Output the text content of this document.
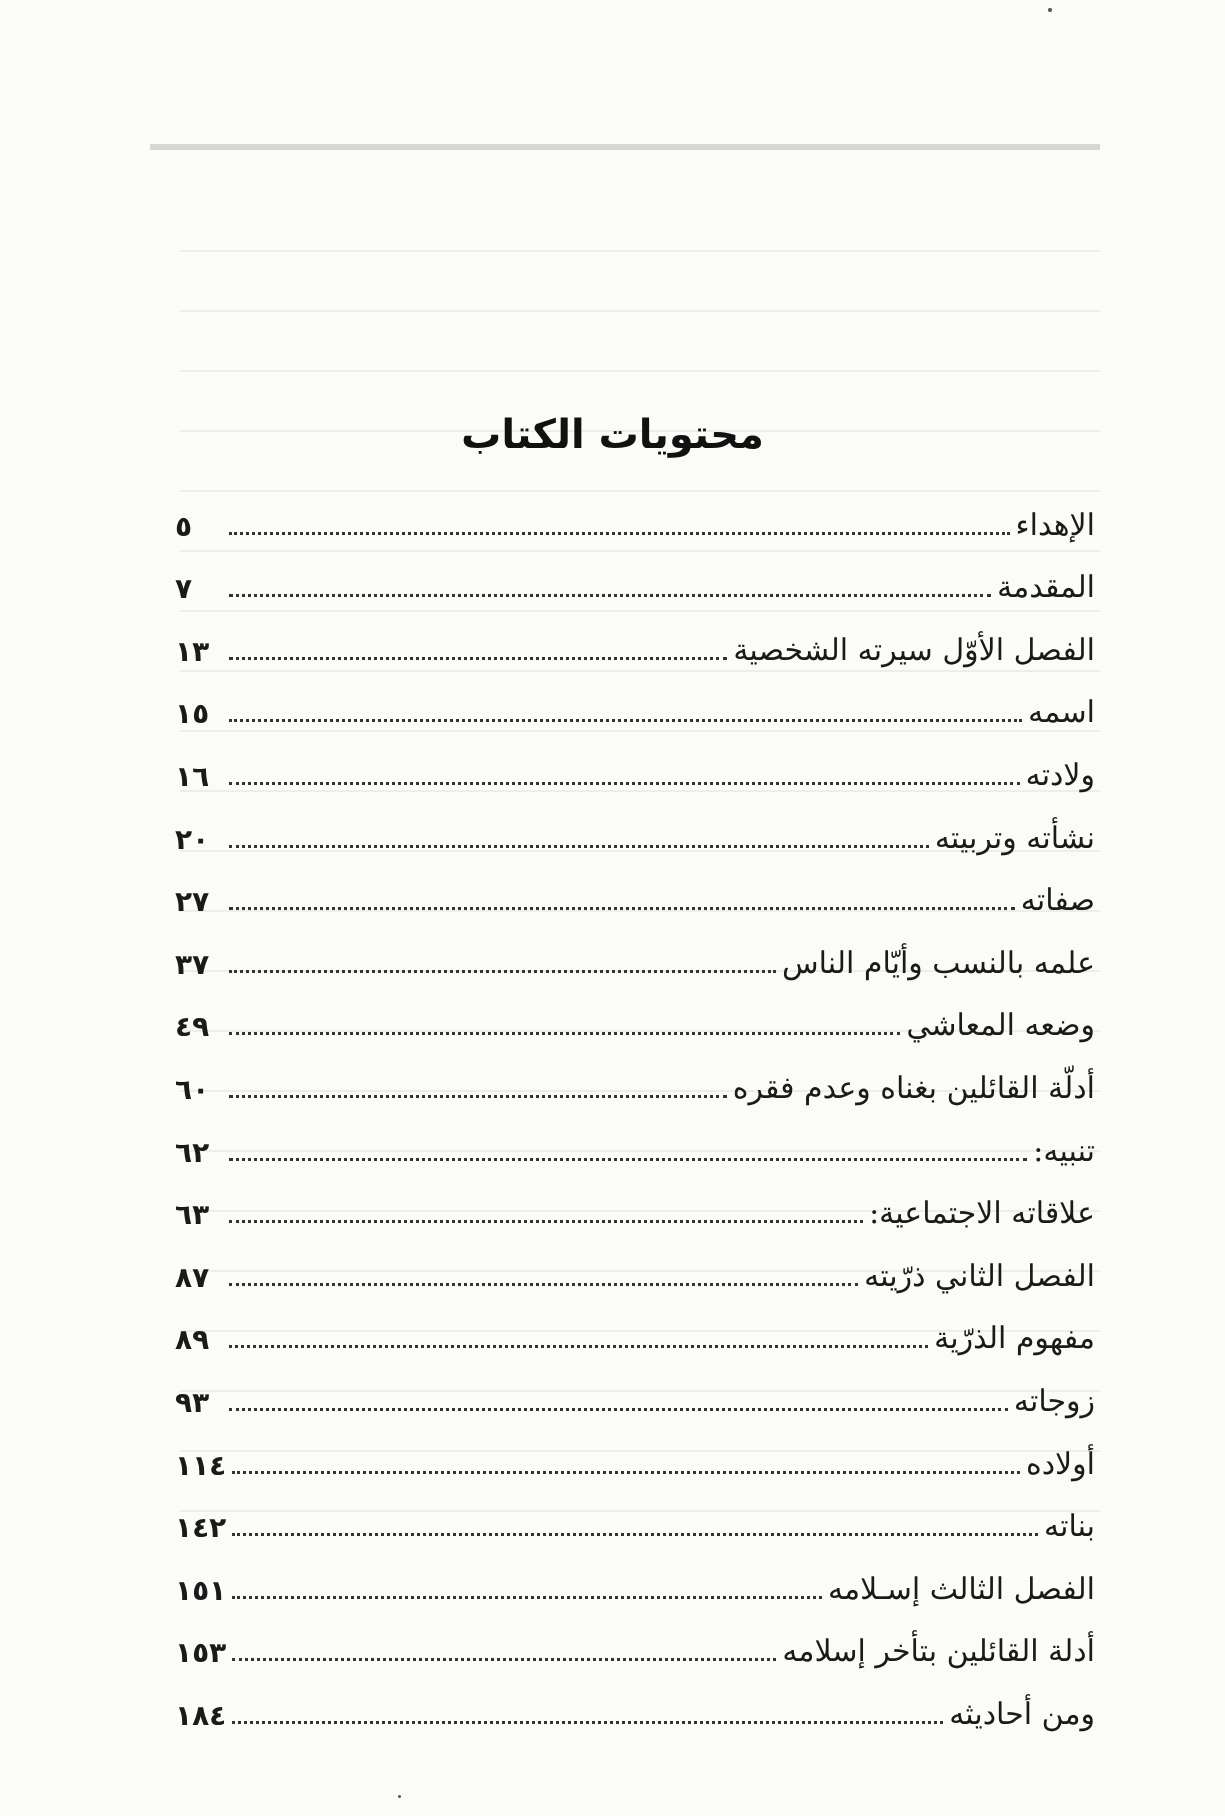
محتويات الكتاب
الإهداء
٥
المقدمة
٧
الفصل الأوّل سيرته الشخصية
١٣
اسمه
١٥
ولادته
١٦
نشأته وتربيته
٢٠
صفاته
٢٧
علمه بالنسب وأيّام الناس
٣٧
وضعه المعاشي
٤٩
أدلّة القائلين بغناه وعدم فقره
٦٠
تنبيه:
٦٢
علاقاته الاجتماعية:
٦٣
الفصل الثاني ذرّيته
٨٧
مفهوم الذرّية
٨٩
زوجاته
٩٣
أولاده
١١٤
بناته
١٤٢
الفصل الثالث إسـلامه
١٥١
أدلة القائلين بتأخر إسلامه
١٥٣
ومن أحاديثه
١٨٤
